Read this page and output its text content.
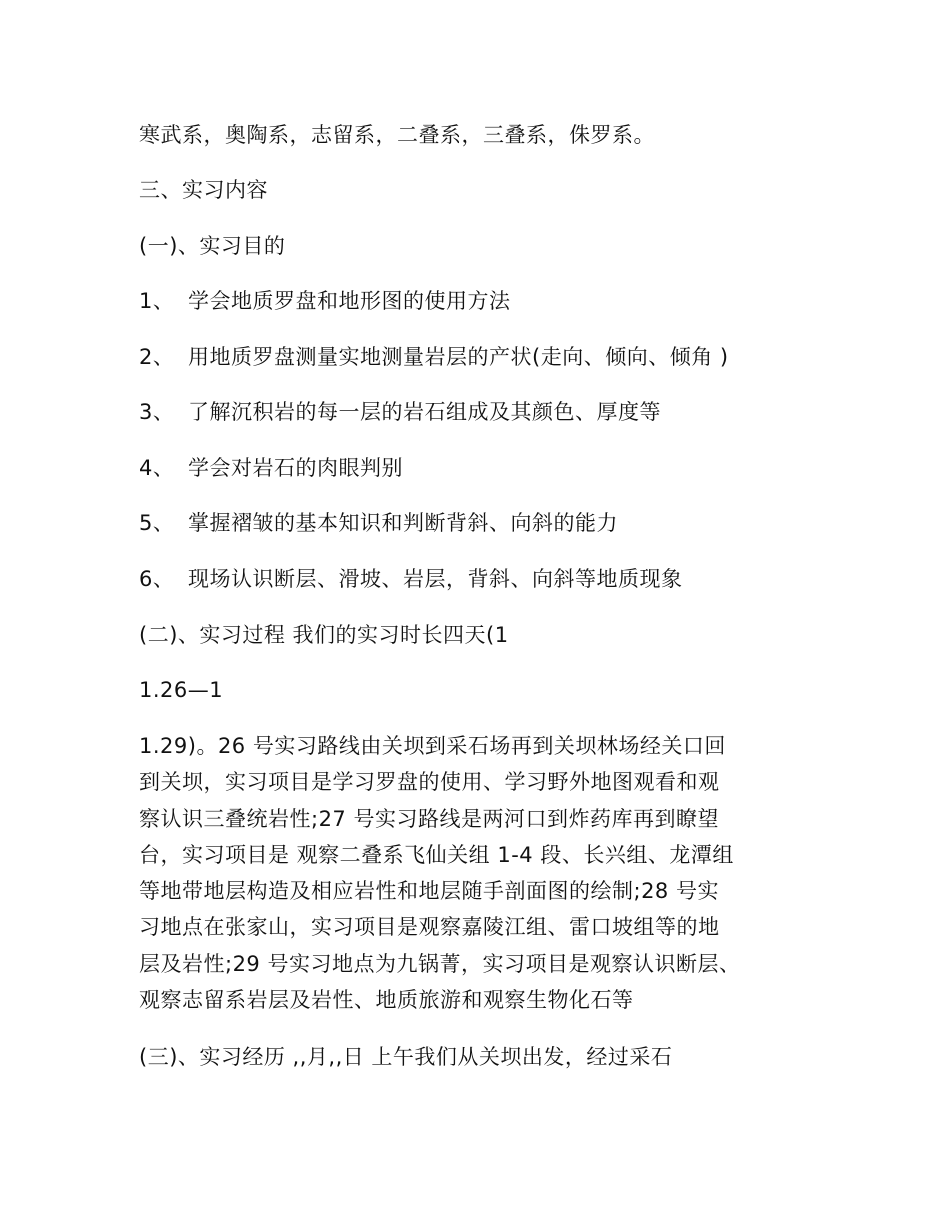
寒武系，奥陶系，志留系，二叠系，三叠系，侏罗系。
三、实习内容
(一)、实习目的
1、 学会地质罗盘和地形图的使用方法
2、 用地质罗盘测量实地测量岩层的产状(走向、倾向、倾角 )
3、 了解沉积岩的每一层的岩石组成及其颜色、厚度等
4、 学会对岩石的肉眼判别
5、 掌握褶皱的基本知识和判断背斜、向斜的能力
6、 现场认识断层、滑坡、岩层，背斜、向斜等地质现象
(二)、实习过程 我们的实习时长四天(1
1.26—1
1.29)。26 号实习路线由关坝到采石场再到关坝林场经关口回
到关坝，实习项目是学习罗盘的使用、学习野外地图观看和观
察认识三叠统岩性;27 号实习路线是两河口到炸药库再到瞭望
台，实习项目是 观察二叠系飞仙关组 1-4 段、长兴组、龙潭组
等地带地层构造及相应岩性和地层随手剖面图的绘制;28 号实
习地点在张家山，实习项目是观察嘉陵江组、雷口坡组等的地
层及岩性;29 号实习地点为九锅菁，实习项目是观察认识断层、
观察志留系岩层及岩性、地质旅游和观察生物化石等
(三)、实习经历 ,,月,,日 上午我们从关坝出发，经过采石
